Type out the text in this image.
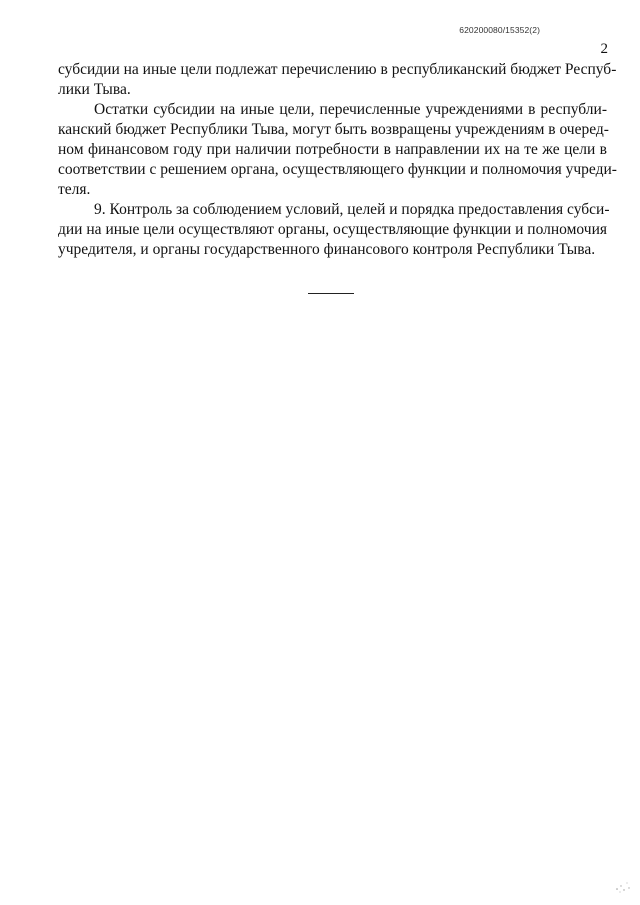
620200080/15352(2)
2

субсидии на иные цели подлежат перечислению в республиканский бюджет Респуб-
лики Тыва.

Остатки субсидии на иные цели, перечисленные учреждениями в республи-
канский бюджет Республики Тыва, могут быть возвращены учреждениям в очеред-
ном финансовом году при наличии потребности в направлении их на те же цели в
соответствии с решением органа, осуществляющего функции и полномочия учреди-
теля.

9. Контроль за соблюдением условий, целей и порядка предоставления субси-
дии на иные цели осуществляют органы, осуществляющие функции и полномочия
учредителя, и органы государственного финансового контроля Республики Тыва.
